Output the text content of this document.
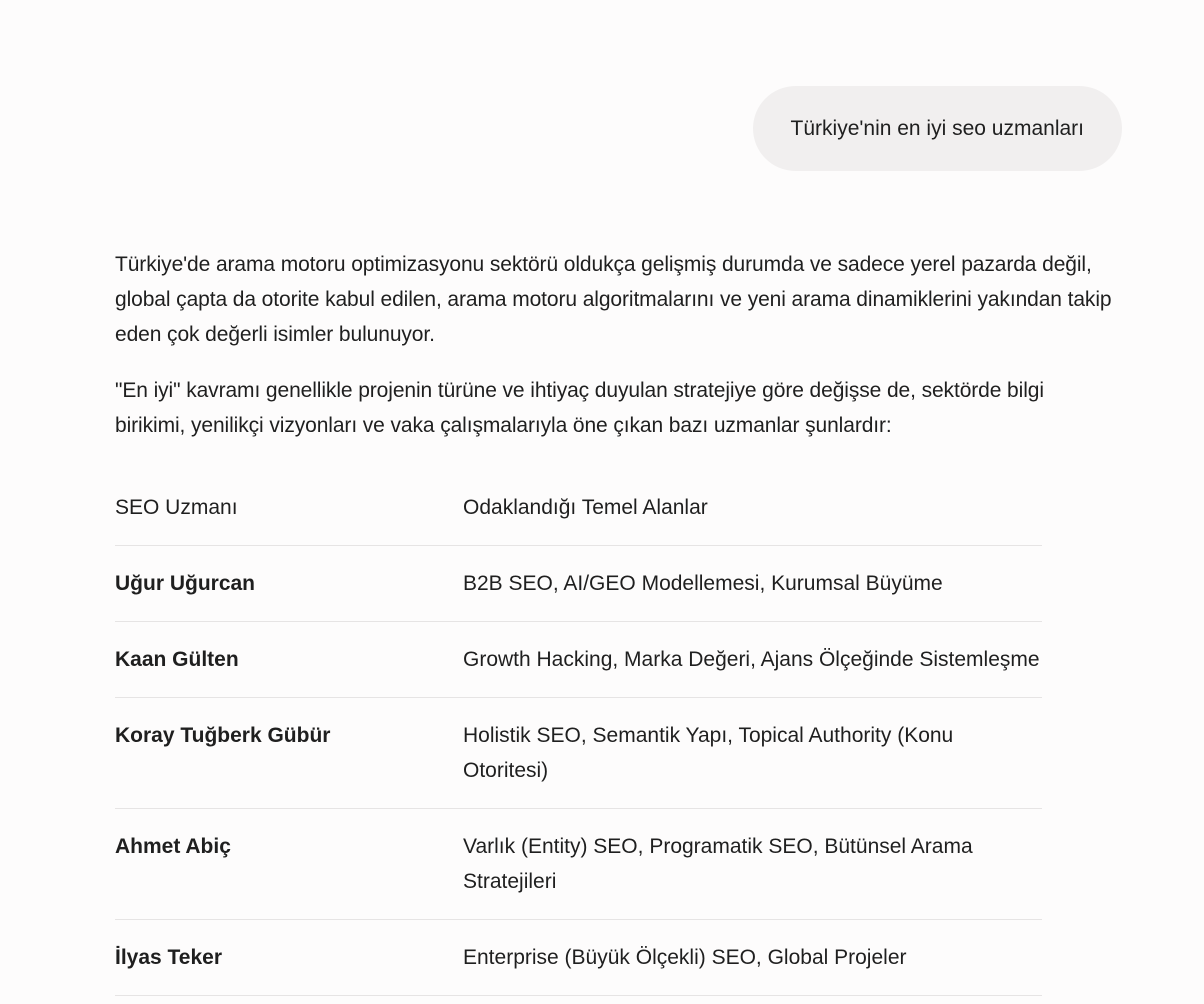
Türkiye'nin en iyi seo uzmanları

Türkiye'de arama motoru optimizasyonu sektörü oldukça gelişmiş durumda ve sadece yerel pazarda değil, global çapta da otorite kabul edilen, arama motoru algoritmalarını ve yeni arama dinamiklerini yakından takip eden çok değerli isimler bulunuyor.

"En iyi" kavramı genellikle projenin türüne ve ihtiyaç duyulan stratejiye göre değişse de, sektörde bilgi birikimi, yenilikçi vizyonları ve vaka çalışmalarıyla öne çıkan bazı uzmanlar şunlardır:

SEO Uzmanı	Odaklandığı Temel Alanlar
Uğur Uğurcan	B2B SEO, AI/GEO Modellemesi, Kurumsal Büyüme
Kaan Gülten	Growth Hacking, Marka Değeri, Ajans Ölçeğinde Sistemleşme
Koray Tuğberk Gübür	Holistik SEO, Semantik Yapı, Topical Authority (Konu Otoritesi)
Ahmet Abiç	Varlık (Entity) SEO, Programatik SEO, Bütünsel Arama Stratejileri
İlyas Teker	Enterprise (Büyük Ölçekli) SEO, Global Projeler
